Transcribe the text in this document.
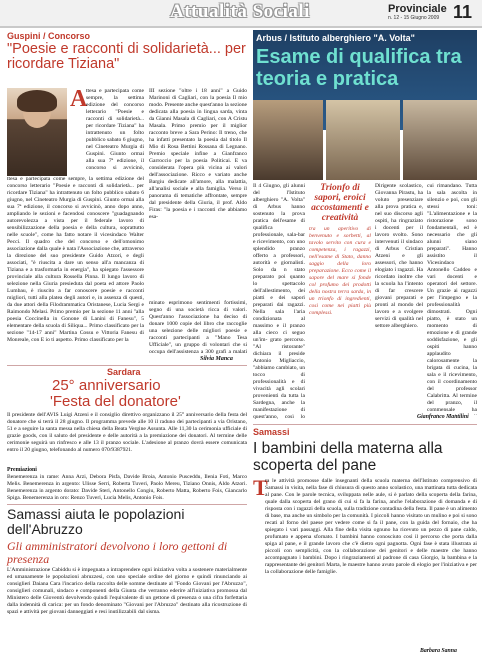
Attualità Sociali	Provinciale
n. 12 - 15 Giugno 2009 11
Guspini / Concorso
"Poesie e racconti di solidarietà... per ricordare Tiziana"
A
ttesa e partecipata come sempre, la settima edizione del concorso letterario "Poesie e racconti di solidarietà... per ricordare Tiziana" ha intrattenuto un folto pubblico sabato 6 giugno, nel Cineteatro Murgia di Guspini. Giunto ormai alla sua 7ª edizione, il concorso si avvicinò,
ttesa e partecipata come sempre, la settima edizione del concorso letterario "Poesie e racconti di solidarietà... per ricordare Tiziana" ha intrattenuto un folto pubblico sabato 6 giugno, nel Cineteatro Murgia di Guspini. Giunto ormai alla sua 7ª edizione, il concorso si avvicinò, anno dopo anno, ampliando le sezioni e facendosi conoscere "guadagnando autorevolezza a vista per il federale lavoro di sensibilizzazione della poesia e della cultura, soprattutto nelle scuole", come ha fatto notare il vicesindaco Walter Pecci. Il quadro che del concorso e dell'omonimo associazione dalla quale è nata l'Associazione che, attraverso la direzione del suo presidente Guido Atzori, e degli associati, "è riuscita a dare un senso all'a mancanza di Tiziana e a trasformarla in energia", ha spiegato l'assessore provinciale alla cultura Rossella Pinna. Il lungo lavoro di selezione nella Giuria presieduta dal poeta ed attore Paolo Lumbau, è riuscito a far conoscere poesie e racconti migliori, tutti alla platea degli autori e, in assenza di questi, da due attori della Filodrammatica Oristanese, Lucia Sergi e Raimondo Melasi. Primo premio per la sezione 11 anni "alla poesia Coccinella in Gonone di Lanini di Fanesu", 5 elementare della scuola di Siliqua... Primo classificato per la sezione "14-17 anni" Martina Cossu e Vittoria Fanesu di Monreale, con E io ti aspetto. Primo classificato per la
III sezione "oltre i 18 anni" a Guido Marinoni di Cagliari, con la poesia Il mio modo. Presente anche quest'anno la sezione dedicata alla poesia in lingua sarda, vinta da Gianni Masala di Cagliari, con A Cristu Masala. Primo premio per il miglior racconto breve a Sara Perino: Il treno, che ha infatti presentato la poesia dal titolo Il Mio di Rosa Bettini Rossana di Legnano. Premio speciale infine a Gianfranco Garroccio per la poesia Politicai. E va considerata l'opera più vicina ai valori dell'associazione. Ricco e variato anche Bargiu dedicate all'amore, alla malattia, all'analisi sociale e alla famiglia. Verso il panorama di tematiche affrontate, sempre dal presidente della Giuria, il prof. Aldo Firas: "la poesia e i racconti che abbiamo esa-
minato esprimono sentimenti fortissimi, segno di una società ricca di valori. Quest'anno l'associazione ha deciso di donare 1000 copie del libro che raccoglie una selezione delle migliori poesie e racconti partecipanti a "Mano Tesa Ufficiale", un gruppo di volontari che si occupa dell'assistenza a 300 grafi a malati
Silvia Manca
Sardara
25° anniversario
'Festa del donatore'
Il presidente dell'AVIS Luigi Atzeni e il consiglio direttivo organizzano il 25° anniversario della festa del donatore che si terrà il 28 giugno. Il programma prevede alle 10 il raduno dei partecipanti a via Oristano, 51 e a seguire la santa messa nella chiesa della Beata Vergine Assunta. Alle 11,30 la cerimonia ufficiale di grazie goods, con il saluto del presidente e delle autorità a la premiazione dei donatori. Al termine delle cerimonie seguirà un rinfresco e alle 13 il pranzo sociale. L'adesione al pranzo dovrà essere comunicata entro il 20 giugno, telefonando al numero 070/9387921.
Premiazioni
Benemerenza in rame: Anna Arzi, Debora Pisfa, Davide Broia, Antonio Pusceddu, Ilenia Foti, Marco Melis. Benemerenza in argento: Ulisse Serri, Roberta Tuveri, Paolo Mereu, Tiziano Onnis, Aldo Atzori. Benemerenza in argento dorato: Davide Steri, Antonello Congiu, Roberto Matta, Roberto Fois, Giancarlo Spiga. Benemerenza in oro: Renzo Tuveri, Lucia Melis, Antonio Fois.
Samassi aiuta le popolazioni dell'Abruzzo
Gli amministratori devolvono i loro gettoni di presenza
L'Amministrazione Cabiddu si è impegnata a intraprendere ogni iniziativa volta a sostenere materialmente ed umanamente le popolazioni abruzzesi, con uno speciale ordine del giorno e quindi rinunciando ai consiglieri Daiana Cara l'incarico della raccolta delle somme destinate al "Fondo Giovani per l'Abruzzo", consiglieri comunali, sindaco e componenti della Giunta che verranno ederire all'iniziativa promossa dal Ministero delle Gioventù devolvendo quindi l'equivalente di un gettone di presenza o una cifra forfettaria dalla indennità di carica: per un fondo denominato "Giovani per l'Abruzzo" destinato alla ricostruzione di spazi e attività per giovani danneggiati e resi inutilizzabili dal sisma.
Arbus / Istituto alberghiero "A. Volta"
Esame di qualifica tra teoria e pratica
Il 4 Giugno, gli alunni del l'Istituto alberghiero "A. Volta" di Arbus hanno sostenuto la prova pratica dell'esame di qualifica professionale, sala-bar e ricevimento, con uno splendido pranzo offerto a professori, autorità e giornalisti. Solo da n stato preparato poi quanto lo spettacolo dell'allestimento, dei piatti e dei sapori preparati dai ragazzi. Nella sala l'aria condizionata al massimo e il pranzo alla cieco ci seguo un'im- grato percorso. "Al ristorante" dichiara il preside Antonio Migliaccio, "abbiamo cambiato, un tocco di professionalità e di vivacità agli scolari provenienti da tutta la Sardegna, anche la manifestazione di quest'anno, così lo
Trionfo di sapori, eroici accostamenti e creatività
tra un aperitivo di benvenuto e sorbetti, al tavolo servito con cura e competenza, i ragazzi, nell'esame di Stato, danno saggio della loro preparazione. Ecco come il sapore del mare si fonde col profumo dei prodotti della nostra terra sarda, in un trionfo di ingredienti, così come nei piatti più complessi.
Dirigente scolastico, Giovanna Pirastu, ha voluto presenziare alla prova pratica e, nel suo discorso agli ospiti, ha ringraziato i docenti per il lavoro svolto. Sono intervenuti il sindaco di Arbus Cristian Atzeni e gli assessori, che hanno elogiato i ragazzi. Ha ricordato inoltre che la scuola ha l'intento di far crescere giovani preparati e pronti al mondo del lavoro e a svolgere servizi di qualità nel settore alberghiero.
cui rimandano. Tutta la sala ascolta in silenzio e poi, con gli stessi toni: "L'alimentazione e la ristorazione sono fondamentali, ed è necessario che gli alunni siano preparati". Hanno assistito il Vicesindaco Antonello Caddeo e vari docenti e operatori del settore. Un grazie ai ragazzi per l'impegno e la professionalità dimostrati. Ogni piatto, è stato un momento di emozione e di grande soddisfazione, e gli ospiti hanno applaudito calorosamente la brigata di cucina, la sala e il ricevimento, con il coordinamento del professor Calabritta. Al termine del pranzo, il commensale ha
Gianfranco Mantilini
Samassi
I bambini della materna alla scoperta del pane
T
ra le attività promosse dalle insegnanti della scuola materna dell'Istituto comprensivo di Samassi in visita, nella fase di chiusura di questo anno scolastico, una mattinata tutta dedicata al pane. Con le parole tecnica, sviluppata nelle aule, si è parlato della scoperta della farina, quale dalla scoperta del grano di cui si fa la farina, anche l'elaborazione di domanda e di risposta con i ragazzi della scuola, sulla tradizione contadina della festa. Il pane è un alimento di base, ma anche un simbolo per la comunità. I piccoli hanno visitato un mulino e poi si sono recati al forno del paese per vedere come si fa il pane, con la guida del fornaio, che ha spiegato i vari passaggi. Alla fine della visita ognuno ha ricevuto un pezzo di pane caldo, profumato e appena sfornato. I bambini hanno conosciuto così il percorso che porta dalla spiga al pane, e il grande lavoro che c'è dietro ogni pagnotta. Ogni fase è stata illustrata ai piccoli con semplicità, con la collaborazione dei genitori e delle maestre che hanno accompagnato i bambini. Dopo i ringraziamenti al padrone di casa Giorgio, la bambina e la rappresentante dei genitori Marta, le maestre hanno avuto parole di elogio per l'iniziativa e per la collaborazione delle famiglie.
Barbara Sanna
